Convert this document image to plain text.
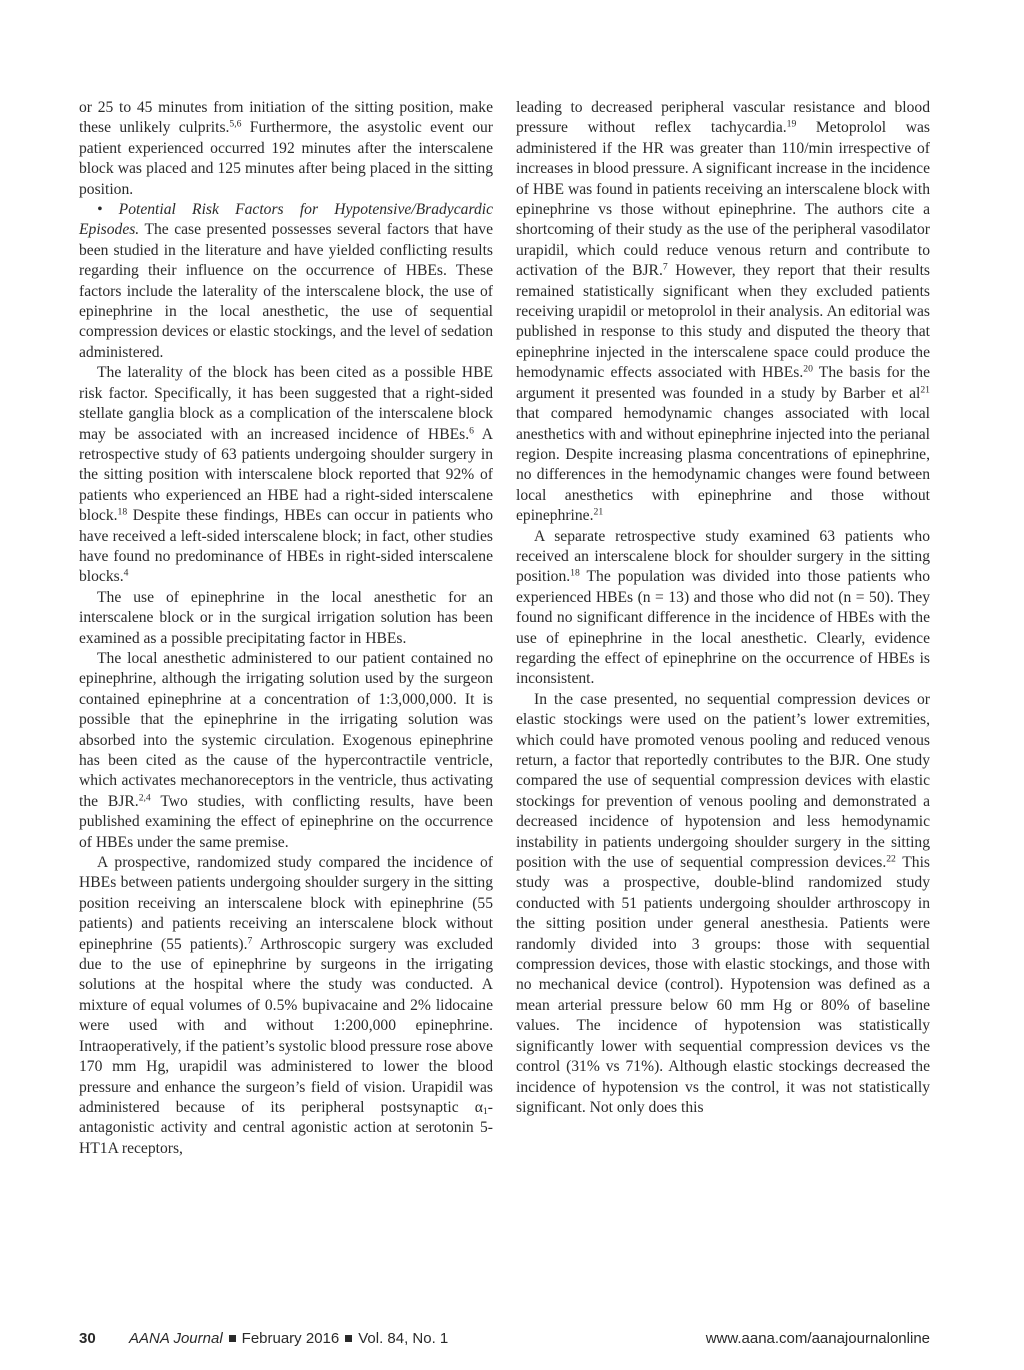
or 25 to 45 minutes from initiation of the sitting position, make these unlikely culprits.$^{5,6}$ Furthermore, the asystolic event our patient experienced occurred 192 minutes after the interscalene block was placed and 125 minutes after being placed in the sitting position.

• Potential Risk Factors for Hypotensive/Bradycardic Episodes. The case presented possesses several factors that have been studied in the literature and have yielded conflicting results regarding their influence on the occurrence of HBEs. These factors include the laterality of the interscalene block, the use of epinephrine in the local anesthetic, the use of sequential compression devices or elastic stockings, and the level of sedation administered.

The laterality of the block has been cited as a possible HBE risk factor. Specifically, it has been suggested that a right-sided stellate ganglia block as a complication of the interscalene block may be associated with an increased incidence of HBEs.$^6$ A retrospective study of 63 patients undergoing shoulder surgery in the sitting position with interscalene block reported that 92% of patients who experienced an HBE had a right-sided interscalene block.$^{18}$ Despite these findings, HBEs can occur in patients who have received a left-sided interscalene block; in fact, other studies have found no predominance of HBEs in right-sided interscalene blocks.$^4$

The use of epinephrine in the local anesthetic for an interscalene block or in the surgical irrigation solution has been examined as a possible precipitating factor in HBEs.

The local anesthetic administered to our patient contained no epinephrine, although the irrigating solution used by the surgeon contained epinephrine at a concentration of 1:3,000,000. It is possible that the epinephrine in the irrigating solution was absorbed into the systemic circulation. Exogenous epinephrine has been cited as the cause of the hypercontractile ventricle, which activates mechanoreceptors in the ventricle, thus activating the BJR.$^{2,4}$ Two studies, with conflicting results, have been published examining the effect of epinephrine on the occurrence of HBEs under the same premise.

A prospective, randomized study compared the incidence of HBEs between patients undergoing shoulder surgery in the sitting position receiving an interscalene block with epinephrine (55 patients) and patients receiving an interscalene block without epinephrine (55 patients).$^7$ Arthroscopic surgery was excluded due to the use of epinephrine by surgeons in the irrigating solutions at the hospital where the study was conducted. A mixture of equal volumes of 0.5% bupivacaine and 2% lidocaine were used with and without 1:200,000 epinephrine. Intraoperatively, if the patient’s systolic blood pressure rose above 170 mm Hg, urapidil was administered to lower the blood pressure and enhance the surgeon’s field of vision. Urapidil was administered because of its peripheral postsynaptic $\alpha_1$-antagonistic activity and central agonistic action at serotonin 5-HT1A receptors,

leading to decreased peripheral vascular resistance and blood pressure without reflex tachycardia.$^{19}$ Metoprolol was administered if the HR was greater than 110/min irrespective of increases in blood pressure. A significant increase in the incidence of HBE was found in patients receiving an interscalene block with epinephrine vs those without epinephrine. The authors cite a shortcoming of their study as the use of the peripheral vasodilator urapidil, which could reduce venous return and contribute to activation of the BJR.$^7$ However, they report that their results remained statistically significant when they excluded patients receiving urapidil or metoprolol in their analysis. An editorial was published in response to this study and disputed the theory that epinephrine injected in the interscalene space could produce the hemodynamic effects associated with HBEs.$^{20}$ The basis for the argument it presented was founded in a study by Barber et $al^{21}$ that compared hemodynamic changes associated with local anesthetics with and without epinephrine injected into the perianal region. Despite increasing plasma concentrations of epinephrine, no differences in the hemodynamic changes were found between local anesthetics with epinephrine and those without epinephrine.$^{21}$

A separate retrospective study examined 63 patients who received an interscalene block for shoulder surgery in the sitting position.$^{18}$ The population was divided into those patients who experienced HBEs (n = 13) and those who did not (n = 50). They found no significant difference in the incidence of HBEs with the use of epinephrine in the local anesthetic. Clearly, evidence regarding the effect of epinephrine on the occurrence of HBEs is inconsistent.

In the case presented, no sequential compression devices or elastic stockings were used on the patient’s lower extremities, which could have promoted venous pooling and reduced venous return, a factor that reportedly contributes to the BJR. One study compared the use of sequential compression devices with elastic stockings for prevention of venous pooling and demonstrated a decreased incidence of hypotension and less hemodynamic instability in patients undergoing shoulder surgery in the sitting position with the use of sequential compression devices.$^{22}$ This study was a prospective, double-blind randomized study conducted with 51 patients undergoing shoulder arthroscopy in the sitting position under general anesthesia. Patients were randomly divided into 3 groups: those with sequential compression devices, those with elastic stockings, and those with no mechanical device (control). Hypotension was defined as a mean arterial pressure below 60 mm Hg or 80% of baseline values. The incidence of hypotension was statistically significantly lower with sequential compression devices vs the control (31% vs 71%). Although elastic stockings decreased the incidence of hypotension vs the control, it was not statistically significant. Not only does this

30 AANA Journal February 2016 Vol. 84, No. 1	www.aana.com/aanajournalonline
